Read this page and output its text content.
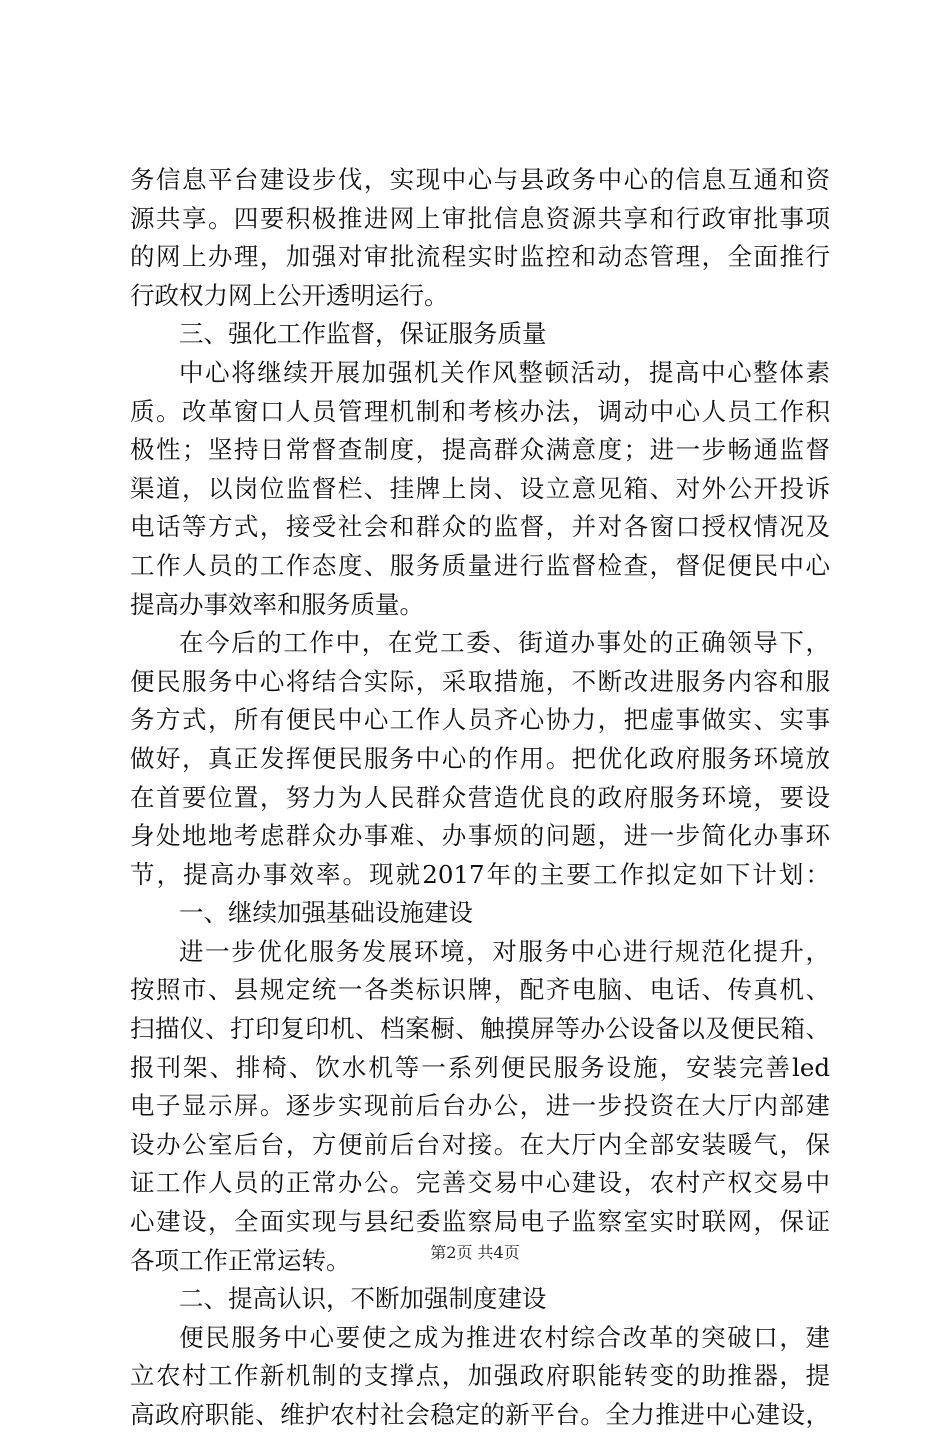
务信息平台建设步伐，实现中心与县政务中心的信息互通和资
源共享。四要积极推进网上审批信息资源共享和行政审批事项
的网上办理，加强对审批流程实时监控和动态管理，全面推行
行政权力网上公开透明运行。
三、强化工作监督，保证服务质量
中心将继续开展加强机关作风整顿活动，提高中心整体素
质。改革窗口人员管理机制和考核办法，调动中心人员工作积
极性；坚持日常督查制度，提高群众满意度；进一步畅通监督
渠道，以岗位监督栏、挂牌上岗、设立意见箱、对外公开投诉
电话等方式，接受社会和群众的监督，并对各窗口授权情况及
工作人员的工作态度、服务质量进行监督检查，督促便民中心
提高办事效率和服务质量。
在今后的工作中，在党工委、街道办事处的正确领导下，
便民服务中心将结合实际，采取措施，不断改进服务内容和服
务方式，所有便民中心工作人员齐心协力，把虚事做实、实事
做好，真正发挥便民服务中心的作用。把优化政府服务环境放
在首要位置，努力为人民群众营造优良的政府服务环境，要设
身处地地考虑群众办事难、办事烦的问题，进一步简化办事环
节，提高办事效率。现就2017年的主要工作拟定如下计划：
一、继续加强基础设施建设
进一步优化服务发展环境，对服务中心进行规范化提升，
按照市、县规定统一各类标识牌，配齐电脑、电话、传真机、
扫描仪、打印复印机、档案橱、触摸屏等办公设备以及便民箱、
报刊架、排椅、饮水机等一系列便民服务设施，安装完善led
电子显示屏。逐步实现前后台办公，进一步投资在大厅内部建
设办公室后台，方便前后台对接。在大厅内全部安装暖气，保
证工作人员的正常办公。完善交易中心建设，农村产权交易中
心建设，全面实现与县纪委监察局电子监察室实时联网，保证
各项工作正常运转。
二、提高认识，不断加强制度建设
便民服务中心要使之成为推进农村综合改革的突破口，建
立农村工作新机制的支撑点，加强政府职能转变的助推器，提
高政府职能、维护农村社会稳定的新平台。全力推进中心建设，
第2页 共4页
